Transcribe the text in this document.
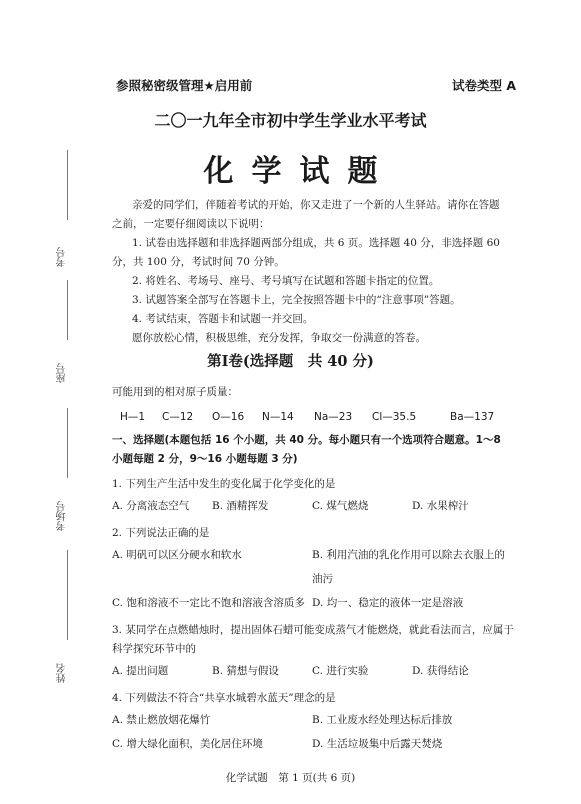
考号
座号
考场号
姓名
参照秘密级管理★启用前	试卷类型 A
二〇一九年全市初中学生学业水平考试
化学试题

亲爱的同学们，伴随着考试的开始，你又走进了一个新的人生驿站。请你在答题之前，一定要仔细阅读以下说明：

1. 试卷由选择题和非选择题两部分组成，共 6 页。选择题 40 分，非选择题 60 分，共 100 分，考试时间 70 分钟。

2. 将姓名、考场号、座号、考号填写在试题和答题卡指定的位置。

3. 试题答案全部写在答题卡上，完全按照答题卡中的“注意事项”答题。

4. 考试结束，答题卡和试题一并交回。

愿你放松心情，积极思维，充分发挥，争取交一份满意的答卷。

第Ⅰ卷(选择题　共 40 分)

可能用到的相对原子质量：

H—1	C—12	O—16	N—14	Na—23	Cl—35.5	Ba—137

一、选择题(本题包括 16 个小题，共 40 分。每小题只有一个选项符合题意。1～8 小题每题 2 分，9～16 小题每题 3 分)

1. 下列生产生活中发生的变化属于化学变化的是

A. 分离液态空气	B. 酒精挥发	C. 煤气燃烧	D. 水果榨汁

2. 下列说法正确的是

A. 明矾可以区分硬水和软水	B. 利用汽油的乳化作用可以除去衣服上的油污
C. 饱和溶液不一定比不饱和溶液含溶质多 D. 均一、稳定的液体一定是溶液

3. 某同学在点燃蜡烛时，提出固体石蜡可能变成蒸气才能燃烧，就此看法而言，应属于科学探究环节中的

A. 提出问题	B. 猜想与假设	C. 进行实验	D. 获得结论

4. 下列做法不符合“共享水城碧水蓝天”理念的是

A. 禁止燃放烟花爆竹	B. 工业废水经处理达标后排放
C. 增大绿化面积，美化居住环境	D. 生活垃圾集中后露天焚烧
化学试题　第 1 页(共 6 页)
